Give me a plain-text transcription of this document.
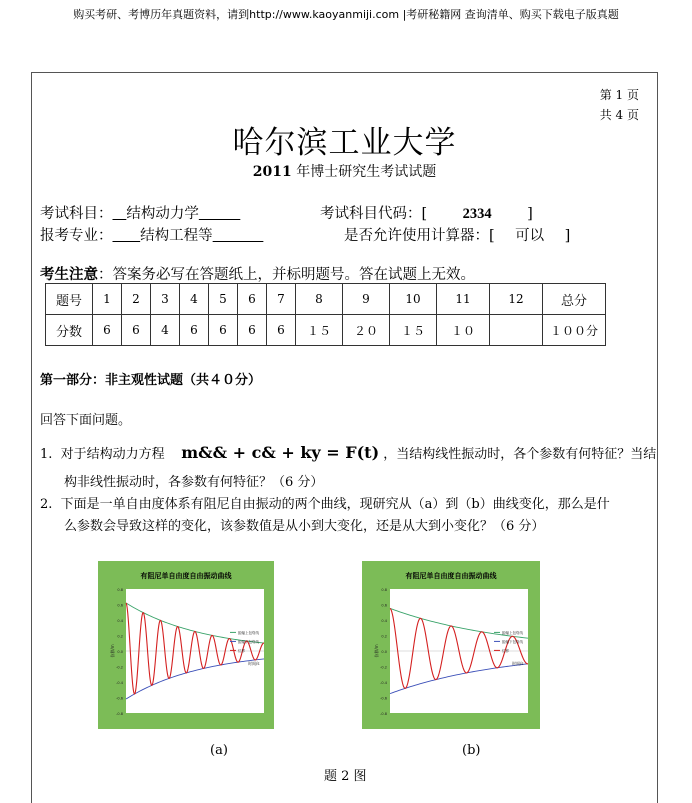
购买考研、考博历年真题资料，请到http://www.kaoyanmiji.com |考研秘籍网 查询清单、购买下载电子版真题
第 1 页
共 4 页
哈尔滨工业大学
2011 年博士研究生考试试题
考试科目： 结构动力学	考试科目代码：[ 2334 ]
报考专业： 结构工程等	是否允许使用计算器：[ 可以 ]
考生注意：答案务必写在答题纸上，并标明题号。答在试题上无效。
题号	1	2	3	4	5	6	7	8	9	10	11	12	总分
分数	6	6	4	6	6	6	6	１５	２０	１５	１０		１００分
第一部分：非主观性试题（共４０分）
回答下面问题。
1. 对于结构动力方程 m&& + c& + ky = F(t) ，当结构线性振动时，各个参数有何特征？当结
构非线性振动时，各参数有何特征？（6 分）
2. 下面是一单自由度体系有阻尼自由振动的两个曲线，现研究从（a）到（b）曲线变化，那么是什
么参数会导致这样的变化，该参数值是从小到大变化，还是从大到小变化？（6 分）
有阻尼单自由度自由振动曲线
0.8
0.6
0.4
0.2
0.0
-0.2
-0.4
-0.6
-0.8
位移/m
时间/s
振幅上包络线
振幅下包络线
位移
有阻尼单自由度自由振动曲线
0.8
0.6
0.4
0.2
0.0
-0.2
-0.4
-0.6
-0.8
位移/m
时间/s
振幅上包络线
振幅下包络线
位移
(a)	(b)
题 2 图
